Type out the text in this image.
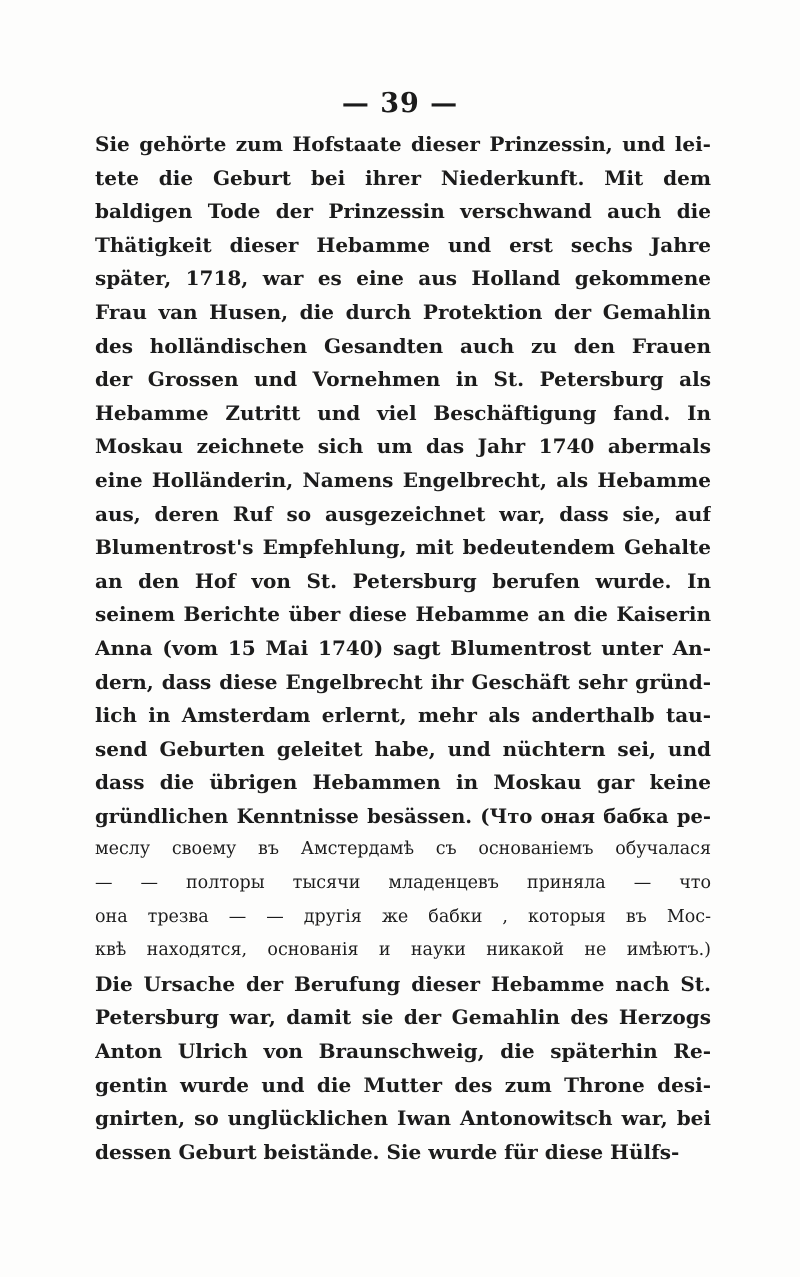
— 39 —

Sie gehörte zum Hofstaate dieser Prinzessin, und lei-
tete die Geburt bei ihrer Niederkunft. Mit dem
baldigen Tode der Prinzessin verschwand auch die
Thätigkeit dieser Hebamme und erst sechs Jahre
später, 1718, war es eine aus Holland gekommene
Frau van Husen, die durch Protektion der Gemahlin
des holländischen Gesandten auch zu den Frauen
der Grossen und Vornehmen in St. Petersburg als
Hebamme Zutritt und viel Beschäftigung fand. In
Moskau zeichnete sich um das Jahr 1740 abermals
eine Holländerin, Namens Engelbrecht, als Hebamme
aus, deren Ruf so ausgezeichnet war, dass sie, auf
Blumentrost's Empfehlung, mit bedeutendem Gehalte
an den Hof von St. Petersburg berufen wurde. In
seinem Berichte über diese Hebamme an die Kaiserin
Anna (vom 15 Mai 1740) sagt Blumentrost unter An-
dern, dass diese Engelbrecht ihr Geschäft sehr gründ-
lich in Amsterdam erlernt, mehr als anderthalb tau-
send Geburten geleitet habe, und nüchtern sei, und
dass die übrigen Hebammen in Moskau gar keine
gründlichen Kenntnisse besässen. (Что оная бабка ре-
меслу своему въ Амстердамѣ съ основаніемъ обучалася
— — полторы тысячи младенцевъ приняла — что
она трезва — — другія же бабки , которыя въ Мос-
квѣ находятся, основанія и науки никакой не имѣютъ.)
Die Ursache der Berufung dieser Hebamme nach St.
Petersburg war, damit sie der Gemahlin des Herzogs
Anton Ulrich von Braunschweig, die späterhin Re-
gentin wurde und die Mutter des zum Throne desi-
gnirten, so unglücklichen Iwan Antonowitsch war, bei
dessen Geburt beistände. Sie wurde für diese Hülfs-
